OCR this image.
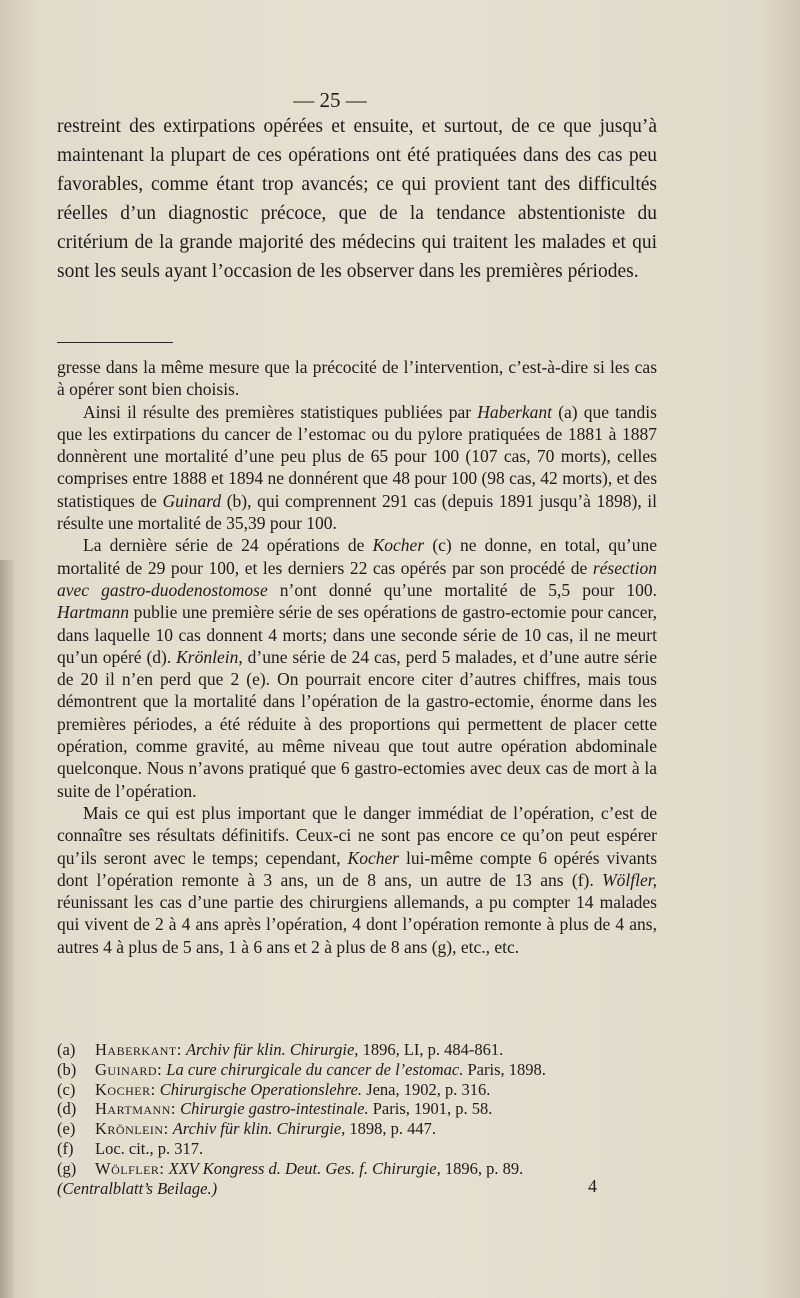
— 25 —
restreint des extirpations opérées et ensuite, et surtout, de ce que jusqu’à maintenant la plupart de ces opérations ont été pratiquées dans des cas peu favorables, comme étant trop avancés; ce qui provient tant des difficultés réelles d’un diagnostic précoce, que de la tendance abstentioniste du critérium de la grande majorité des médecins qui traitent les malades et qui sont les seuls ayant l’occasion de les observer dans les premières périodes.

gresse dans la même mesure que la précocité de l’intervention, c’est-à-dire si les cas à opérer sont bien choisis.

Ainsi il résulte des premières statistiques publiées par Haberkant (a) que tandis que les extirpations du cancer de l’estomac ou du pylore pratiquées de 1881 à 1887 donnèrent une mortalité d’une peu plus de 65 pour 100 (107 cas, 70 morts), celles comprises entre 1888 et 1894 ne donnérent que 48 pour 100 (98 cas, 42 morts), et des statistiques de Guinard (b), qui comprennent 291 cas (depuis 1891 jusqu’à 1898), il résulte une mortalité de 35,39 pour 100.

La dernière série de 24 opérations de Kocher (c) ne donne, en total, qu’une mortalité de 29 pour 100, et les derniers 22 cas opérés par son procédé de résection avec gastro-duodenostomose n’ont donné qu’une mortalité de 5,5 pour 100. Hartmann publie une première série de ses opérations de gastro-ectomie pour cancer, dans laquelle 10 cas donnent 4 morts; dans une seconde série de 10 cas, il ne meurt qu’un opéré (d). Krönlein, d’une série de 24 cas, perd 5 malades, et d’une autre série de 20 il n’en perd que 2 (e). On pourrait encore citer d’autres chiffres, mais tous démontrent que la mortalité dans l’opération de la gastro-ectomie, énorme dans les premières périodes, a été réduite à des proportions qui permettent de placer cette opération, comme gravité, au même niveau que tout autre opération abdominale quelconque. Nous n’avons pratiqué que 6 gastro-ectomies avec deux cas de mort à la suite de l’opération.

Mais ce qui est plus important que le danger immédiat de l’opération, c’est de connaître ses résultats définitifs. Ceux-ci ne sont pas encore ce qu’on peut espérer qu’ils seront avec le temps; cependant, Kocher lui-même compte 6 opérés vivants dont l’opération remonte à 3 ans, un de 8 ans, un autre de 13 ans (f). Wölfler, réunissant les cas d’une partie des chirurgiens allemands, a pu compter 14 malades qui vivent de 2 à 4 ans après l’opération, 4 dont l’opération remonte à plus de 4 ans, autres 4 à plus de 5 ans, 1 à 6 ans et 2 à plus de 8 ans (g), etc., etc.

(a) Haberkant: Archiv für klin. Chirurgie, 1896, LI, p. 484-861.

(b) Guinard: La cure chirurgicale du cancer de l’estomac. Paris, 1898.

(c) Kocher: Chirurgische Operationslehre. Jena, 1902, p. 316.

(d) Hartmann: Chirurgie gastro-intestinale. Paris, 1901, p. 58.

(e) Krönlein: Archiv für klin. Chirurgie, 1898, p. 447.

(f) Loc. cit., p. 317.

(g) Wölfler: XXV Kongress d. Deut. Ges. f. Chirurgie, 1896, p. 89.

(Centralblatt’s Beilage.)	4
